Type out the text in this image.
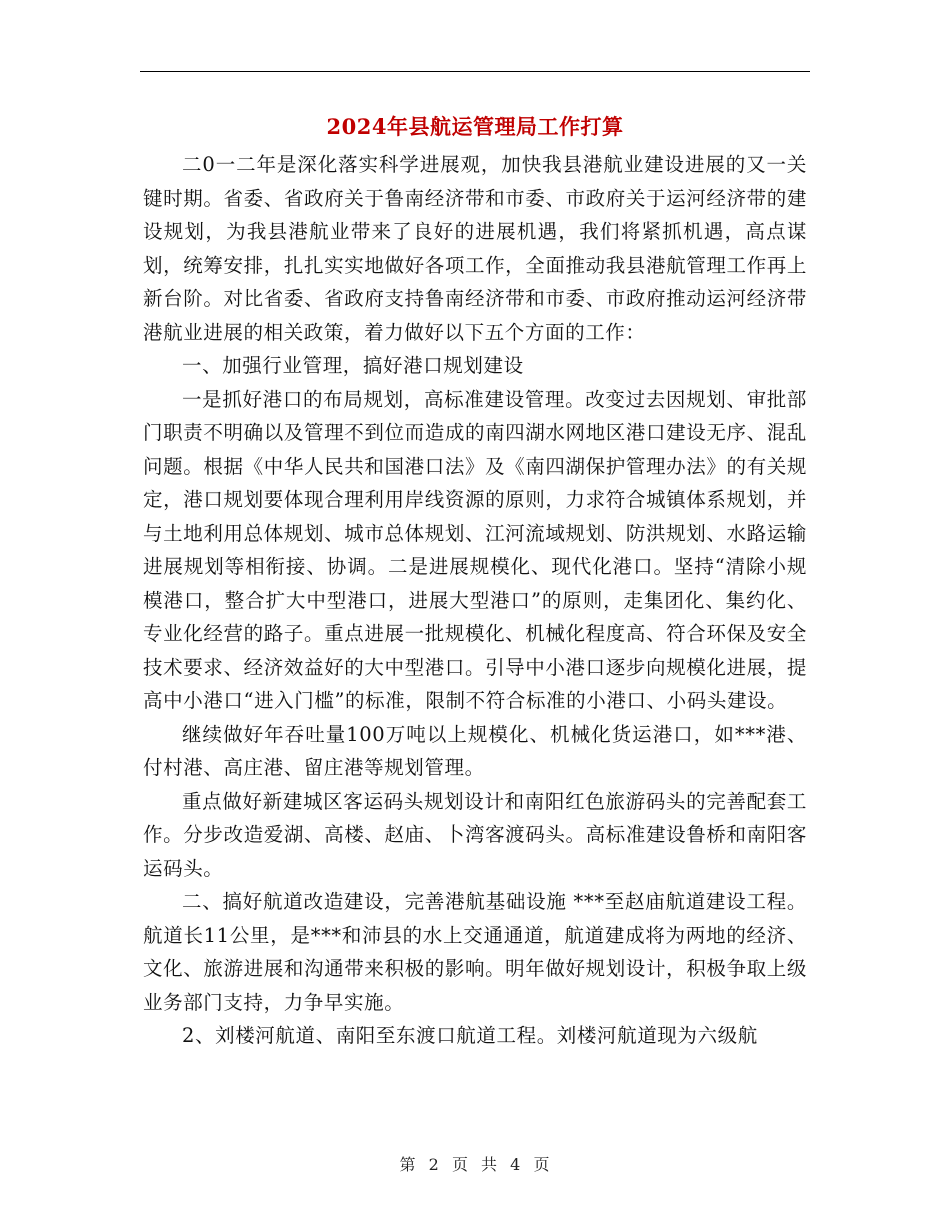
2024年县航运管理局工作打算

二0一二年是深化落实科学进展观，加快我县港航业建设进展的又一关键时期。省委、省政府关于鲁南经济带和市委、市政府关于运河经济带的建设规划，为我县港航业带来了良好的进展机遇，我们将紧抓机遇，高点谋划，统筹安排，扎扎实实地做好各项工作，全面推动我县港航管理工作再上新台阶。对比省委、省政府支持鲁南经济带和市委、市政府推动运河经济带港航业进展的相关政策，着力做好以下五个方面的工作：

一、加强行业管理，搞好港口规划建设

一是抓好港口的布局规划，高标准建设管理。改变过去因规划、审批部门职责不明确以及管理不到位而造成的南四湖水网地区港口建设无序、混乱问题。根据《中华人民共和国港口法》及《南四湖保护管理办法》的有关规定，港口规划要体现合理利用岸线资源的原则，力求符合城镇体系规划，并与土地利用总体规划、城市总体规划、江河流域规划、防洪规划、水路运输进展规划等相衔接、协调。二是进展规模化、现代化港口。坚持“清除小规模港口，整合扩大中型港口，进展大型港口”的原则，走集团化、集约化、专业化经营的路子。重点进展一批规模化、机械化程度高、符合环保及安全技术要求、经济效益好的大中型港口。引导中小港口逐步向规模化进展，提高中小港口“进入门槛”的标准，限制不符合标准的小港口、小码头建设。

继续做好年吞吐量100万吨以上规模化、机械化货运港口，如***港、付村港、高庄港、留庄港等规划管理。

重点做好新建城区客运码头规划设计和南阳红色旅游码头的完善配套工作。分步改造爱湖、高楼、赵庙、卜湾客渡码头。高标准建设鲁桥和南阳客运码头。

二、搞好航道改造建设，完善港航基础设施 ***至赵庙航道建设工程。航道长11公里，是***和沛县的水上交通通道，航道建成将为两地的经济、文化、旅游进展和沟通带来积极的影响。明年做好规划设计，积极争取上级业务部门支持，力争早实施。

2、刘楼河航道、南阳至东渡口航道工程。刘楼河航道现为六级航

第 2 页 共 4 页
